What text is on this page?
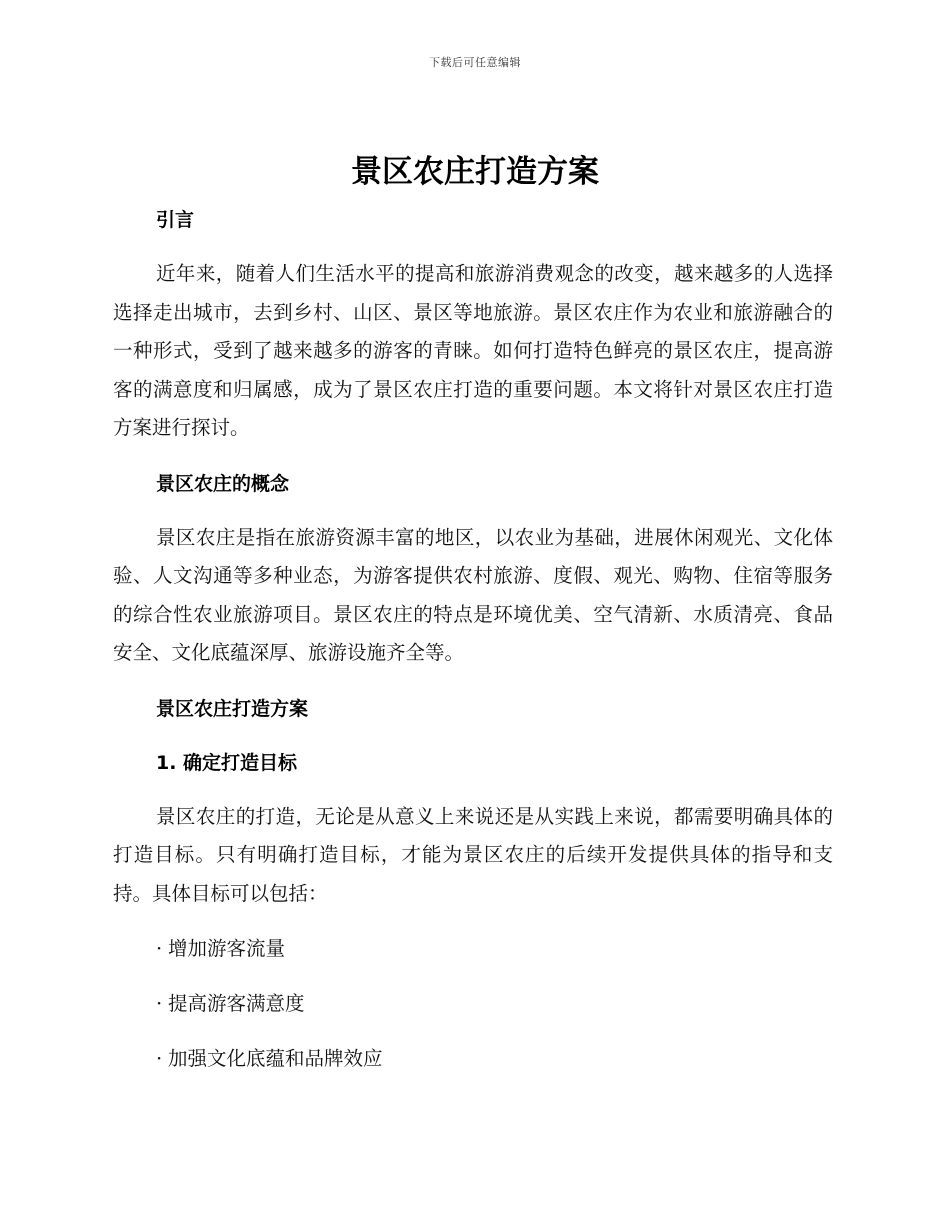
下载后可任意编辑
景区农庄打造方案
引言

近年来，随着人们生活水平的提高和旅游消费观念的改变，越来越多的人选择选择走出城市，去到乡村、山区、景区等地旅游。景区农庄作为农业和旅游融合的一种形式，受到了越来越多的游客的青睐。如何打造特色鲜亮的景区农庄，提高游客的满意度和归属感，成为了景区农庄打造的重要问题。本文将针对景区农庄打造方案进行探讨。

景区农庄的概念

景区农庄是指在旅游资源丰富的地区，以农业为基础，进展休闲观光、文化体验、人文沟通等多种业态，为游客提供农村旅游、度假、观光、购物、住宿等服务的综合性农业旅游项目。景区农庄的特点是环境优美、空气清新、水质清亮、食品安全、文化底蕴深厚、旅游设施齐全等。

景区农庄打造方案
1. 确定打造目标

景区农庄的打造，无论是从意义上来说还是从实践上来说，都需要明确具体的打造目标。只有明确打造目标，才能为景区农庄的后续开发提供具体的指导和支持。具体目标可以包括：

· 增加游客流量
· 提高游客满意度
· 加强文化底蕴和品牌效应
